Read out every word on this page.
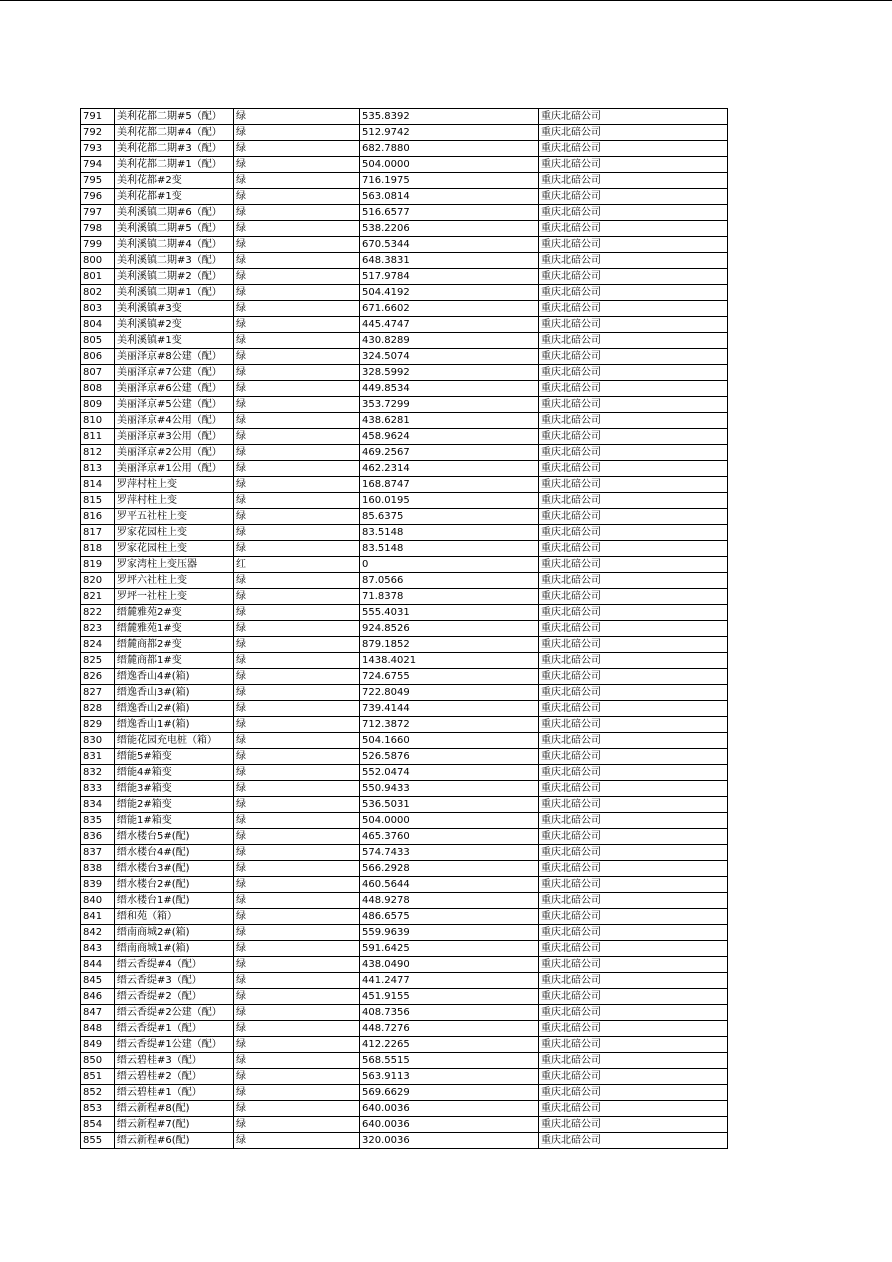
791	美利花都二期#5（配）	绿	535.8392	重庆北碚公司
792	美利花都二期#4（配）	绿	512.9742	重庆北碚公司
793	美利花都二期#3（配）	绿	682.7880	重庆北碚公司
794	美利花都二期#1（配）	绿	504.0000	重庆北碚公司
795	美利花都#2变	绿	716.1975	重庆北碚公司
796	美利花都#1变	绿	563.0814	重庆北碚公司
797	美利溪镇二期#6（配）	绿	516.6577	重庆北碚公司
798	美利溪镇二期#5（配）	绿	538.2206	重庆北碚公司
799	美利溪镇二期#4（配）	绿	670.5344	重庆北碚公司
800	美利溪镇二期#3（配）	绿	648.3831	重庆北碚公司
801	美利溪镇二期#2（配）	绿	517.9784	重庆北碚公司
802	美利溪镇二期#1（配）	绿	504.4192	重庆北碚公司
803	美利溪镇#3变	绿	671.6602	重庆北碚公司
804	美利溪镇#2变	绿	445.4747	重庆北碚公司
805	美利溪镇#1变	绿	430.8289	重庆北碚公司
806	美丽泽京#8公建（配）	绿	324.5074	重庆北碚公司
807	美丽泽京#7公建（配）	绿	328.5992	重庆北碚公司
808	美丽泽京#6公建（配）	绿	449.8534	重庆北碚公司
809	美丽泽京#5公建（配）	绿	353.7299	重庆北碚公司
810	美丽泽京#4公用（配）	绿	438.6281	重庆北碚公司
811	美丽泽京#3公用（配）	绿	458.9624	重庆北碚公司
812	美丽泽京#2公用（配）	绿	469.2567	重庆北碚公司
813	美丽泽京#1公用（配）	绿	462.2314	重庆北碚公司
814	罗萍村柱上变	绿	168.8747	重庆北碚公司
815	罗萍村柱上变	绿	160.0195	重庆北碚公司
816	罗平五社柱上变	绿	85.6375	重庆北碚公司
817	罗家花园柱上变	绿	83.5148	重庆北碚公司
818	罗家花园柱上变	绿	83.5148	重庆北碚公司
819	罗家湾柱上变压器	红	0	重庆北碚公司
820	罗坪六社柱上变	绿	87.0566	重庆北碚公司
821	罗坪一社柱上变	绿	71.8378	重庆北碚公司
822	缙麓雅苑2#变	绿	555.4031	重庆北碚公司
823	缙麓雅苑1#变	绿	924.8526	重庆北碚公司
824	缙麓商都2#变	绿	879.1852	重庆北碚公司
825	缙麓商都1#变	绿	1438.4021	重庆北碚公司
826	缙逸香山4#(箱)	绿	724.6755	重庆北碚公司
827	缙逸香山3#(箱)	绿	722.8049	重庆北碚公司
828	缙逸香山2#(箱)	绿	739.4144	重庆北碚公司
829	缙逸香山1#(箱)	绿	712.3872	重庆北碚公司
830	缙能花园充电桩（箱）	绿	504.1660	重庆北碚公司
831	缙能5#箱变	绿	526.5876	重庆北碚公司
832	缙能4#箱变	绿	552.0474	重庆北碚公司
833	缙能3#箱变	绿	550.9433	重庆北碚公司
834	缙能2#箱变	绿	536.5031	重庆北碚公司
835	缙能1#箱变	绿	504.0000	重庆北碚公司
836	缙水楼台5#(配)	绿	465.3760	重庆北碚公司
837	缙水楼台4#(配)	绿	574.7433	重庆北碚公司
838	缙水楼台3#(配)	绿	566.2928	重庆北碚公司
839	缙水楼台2#(配)	绿	460.5644	重庆北碚公司
840	缙水楼台1#(配)	绿	448.9278	重庆北碚公司
841	缙和苑（箱）	绿	486.6575	重庆北碚公司
842	缙南商城2#(箱)	绿	559.9639	重庆北碚公司
843	缙南商城1#(箱)	绿	591.6425	重庆北碚公司
844	缙云香缇#4（配）	绿	438.0490	重庆北碚公司
845	缙云香缇#3（配）	绿	441.2477	重庆北碚公司
846	缙云香缇#2（配）	绿	451.9155	重庆北碚公司
847	缙云香缇#2公建（配）	绿	408.7356	重庆北碚公司
848	缙云香缇#1（配）	绿	448.7276	重庆北碚公司
849	缙云香缇#1公建（配）	绿	412.2265	重庆北碚公司
850	缙云碧桂#3（配）	绿	568.5515	重庆北碚公司
851	缙云碧桂#2（配）	绿	563.9113	重庆北碚公司
852	缙云碧桂#1（配）	绿	569.6629	重庆北碚公司
853	缙云新程#8(配)	绿	640.0036	重庆北碚公司
854	缙云新程#7(配)	绿	640.0036	重庆北碚公司
855	缙云新程#6(配)	绿	320.0036	重庆北碚公司
